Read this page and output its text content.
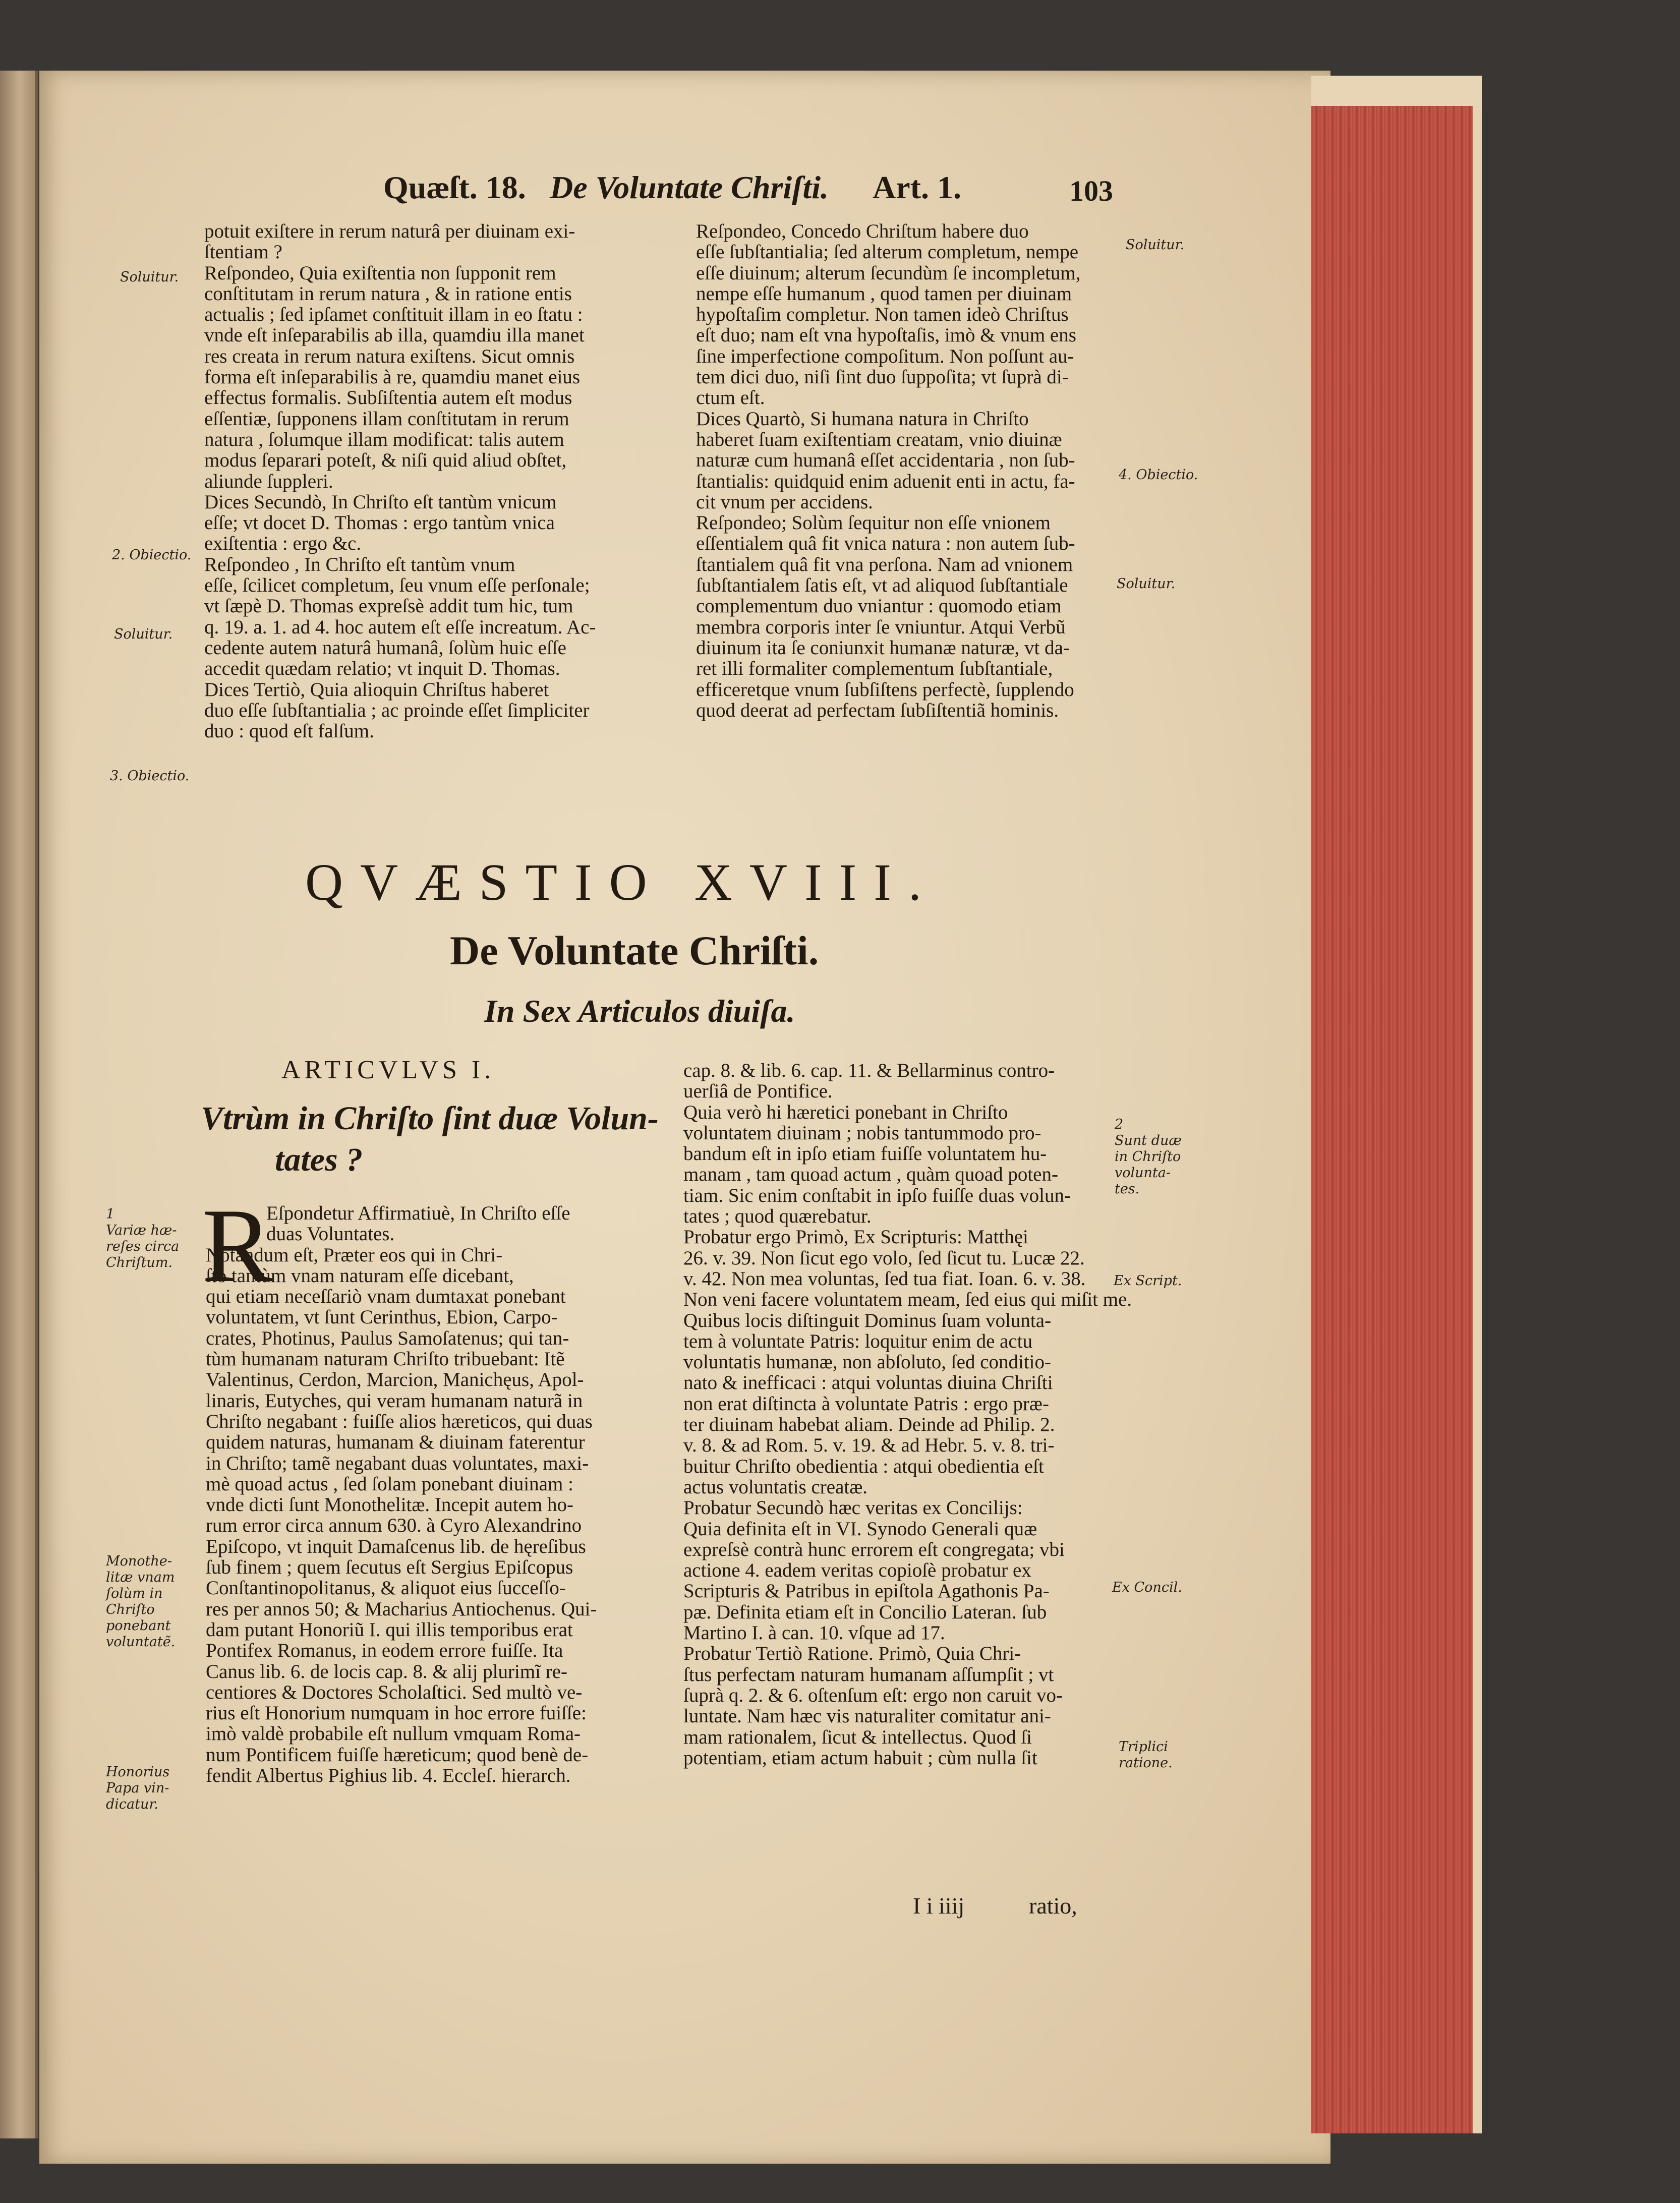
Quæſt. 18. De Voluntate Chriſti. Art. 1.	103
potuit exiſtere in rerum naturâ per diuinam exi-
ſtentiam ?
Reſpondeo, Quia exiſtentia non ſupponit rem
conſtitutam in rerum natura , & in ratione entis
actualis ; ſed ipſamet conſtituit illam in eo ſtatu :
vnde eſt inſeparabilis ab illa, quamdiu illa manet
res creata in rerum natura exiſtens. Sicut omnis
forma eſt inſeparabilis à re, quamdiu manet eius
effectus formalis. Subſiſtentia autem eſt modus
eſſentiæ, ſupponens illam conſtitutam in rerum
natura , ſolumque illam modificat: talis autem
modus ſeparari poteſt, & niſi quid aliud obſtet,
aliunde ſuppleri.
Dices Secundò, In Chriſto eſt tantùm vnicum
eſſe; vt docet D. Thomas : ergo tantùm vnica
exiſtentia : ergo &c.
Reſpondeo , In Chriſto eſt tantùm vnum
eſſe, ſcilicet completum, ſeu vnum eſſe perſonale;
vt ſæpè D. Thomas expreſsè addit tum hic, tum
q. 19. a. 1. ad 4. hoc autem eſt eſſe increatum. Ac-
cedente autem naturâ humanâ, ſolùm huic eſſe
accedit quædam relatio; vt inquit D. Thomas.
Dices Tertiò, Quia alioquin Chriſtus haberet
duo eſſe ſubſtantialia ; ac proinde eſſet ſimpliciter
duo : quod eſt falſum.
Reſpondeo, Concedo Chriſtum habere duo
eſſe ſubſtantialia; ſed alterum completum, nempe
eſſe diuinum; alterum ſecundùm ſe incompletum,
nempe eſſe humanum , quod tamen per diuinam
hypoſtaſim completur. Non tamen ideò Chriſtus
eſt duo; nam eſt vna hypoſtaſis, imò & vnum ens
ſine imperfectione compoſitum. Non poſſunt au-
tem dici duo, niſi ſint duo ſuppoſita; vt ſuprà di-
ctum eſt.
Dices Quartò, Si humana natura in Chriſto
haberet ſuam exiſtentiam creatam, vnio diuinæ
naturæ cum humanâ eſſet accidentaria , non ſub-
ſtantialis: quidquid enim aduenit enti in actu, fa-
cit vnum per accidens.
Reſpondeo; Solùm ſequitur non eſſe vnionem
eſſentialem quâ fit vnica natura : non autem ſub-
ſtantialem quâ fit vna perſona. Nam ad vnionem
ſubſtantialem ſatis eſt, vt ad aliquod ſubſtantiale
complementum duo vniantur : quomodo etiam
membra corporis inter ſe vniuntur. Atqui Verbũ
diuinum ita ſe coniunxit humanæ naturæ, vt da-
ret illi formaliter complementum ſubſtantiale,
efficeretque vnum ſubſiſtens perfectè, ſupplendo
quod deerat ad perfectam ſubſiſtentiã hominis.
Soluitur.
2. Obiectio.
Soluitur.
3. Obiectio.
Soluitur.
4. Obiectio.
Soluitur.
QVÆSTIO XVIII.
De Voluntate Chriſti.
In Sex Articulos diuiſa.
ARTICVLVS I.
Vtrùm in Chriſto ſint duæ Volun-
tates ?
R
Eſpondetur Affirmatiuè, In Chriſto eſſe
duas Voluntates.
Notandum eſt, Præter eos qui in Chri-
ſto tantùm vnam naturam eſſe dicebant,
qui etiam neceſſariò vnam dumtaxat ponebant
voluntatem, vt ſunt Cerinthus, Ebion, Carpo-
crates, Photinus, Paulus Samoſatenus; qui tan-
tùm humanam naturam Chriſto tribuebant: Itẽ
Valentinus, Cerdon, Marcion, Manichęus, Apol-
linaris, Eutyches, qui veram humanam naturã in
Chriſto negabant : fuiſſe alios hæreticos, qui duas
quidem naturas, humanam & diuinam faterentur
in Chriſto; tamẽ negabant duas voluntates, maxi-
mè quoad actus , ſed ſolam ponebant diuinam :
vnde dicti ſunt Monothelitæ. Incepit autem ho-
rum error circa annum 630. à Cyro Alexandrino
Epiſcopo, vt inquit Damaſcenus lib. de hęreſibus
ſub finem ; quem ſecutus eſt Sergius Epiſcopus
Conſtantinopolitanus, & aliquot eius ſucceſſo-
res per annos 50; & Macharius Antiochenus. Qui-
dam putant Honoriũ I. qui illis temporibus erat
Pontifex Romanus, in eodem errore fuiſſe. Ita
Canus lib. 6. de locis cap. 8. & alij plurimĩ re-
centiores & Doctores Scholaſtici. Sed multò ve-
rius eſt Honorium numquam in hoc errore fuiſſe:
imò valdè probabile eſt nullum vmquam Roma-
num Pontificem fuiſſe hæreticum; quod benè de-
fendit Albertus Pighius lib. 4. Eccleſ. hierarch.
cap. 8. & lib. 6. cap. 11. & Bellarminus contro-
uerſiâ de Pontifice.
Quia verò hi hæretici ponebant in Chriſto
voluntatem diuinam ; nobis tantummodo pro-
bandum eſt in ipſo etiam fuiſſe voluntatem hu-
manam , tam quoad actum , quàm quoad poten-
tiam. Sic enim conſtabit in ipſo fuiſſe duas volun-
tates ; quod quærebatur.
Probatur ergo Primò, Ex Scripturis: Matthęi
26. v. 39. Non ſicut ego volo, ſed ſicut tu. Lucæ 22.
v. 42. Non mea voluntas, ſed tua fiat. Ioan. 6. v. 38.
Non veni facere voluntatem meam, ſed eius qui miſit me.
Quibus locis diſtinguit Dominus ſuam volunta-
tem à voluntate Patris: loquitur enim de actu
voluntatis humanæ, non abſoluto, ſed conditio-
nato & inefficaci : atqui voluntas diuina Chriſti
non erat diſtincta à voluntate Patris : ergo præ-
ter diuinam habebat aliam. Deinde ad Philip. 2.
v. 8. & ad Rom. 5. v. 19. & ad Hebr. 5. v. 8. tri-
buitur Chriſto obedientia : atqui obedientia eſt
actus voluntatis creatæ.
Probatur Secundò hæc veritas ex Concilijs:
Quia definita eſt in VI. Synodo Generali quæ
expreſsè contrà hunc errorem eſt congregata; vbi
actione 4. eadem veritas copioſè probatur ex
Scripturis & Patribus in epiſtola Agathonis Pa-
pæ. Definita etiam eſt in Concilio Lateran. ſub
Martino I. à can. 10. vſque ad 17.
Probatur Tertiò Ratione. Primò, Quia Chri-
ſtus perfectam naturam humanam aſſumpſit ; vt
ſuprà q. 2. & 6. oſtenſum eſt: ergo non caruit vo-
luntate. Nam hæc vis naturaliter comitatur ani-
mam rationalem, ſicut & intellectus. Quod ſi
potentiam, etiam actum habuit ; cùm nulla ſit
1
Variæ hæ-
reſes circa
Chriſtum.
Monothe-
litæ vnam
ſolùm in
Chriſto
ponebant
voluntatẽ.
Honorius
Papa vin-
dicatur.
2
Sunt duæ
in Chriſto
volunta-
tes.
Ex Script.
Ex Concil.
Triplici
ratione.
I i iiij	ratio,
